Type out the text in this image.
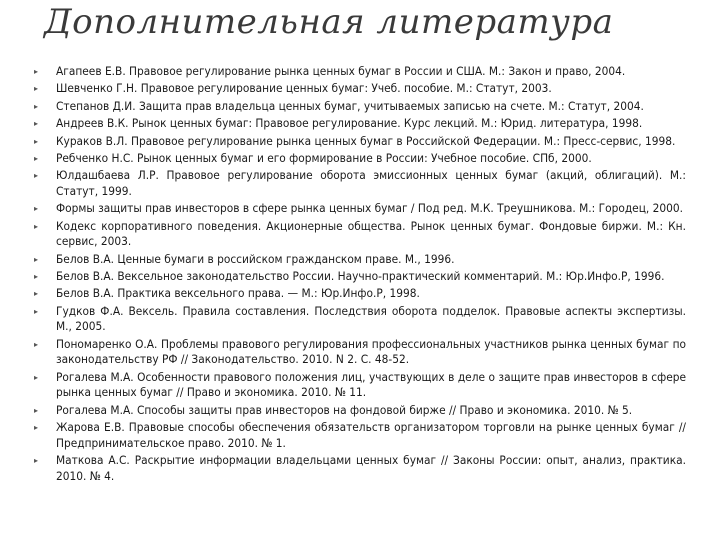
Дополнительная литература
▸ Агапеев Е.В. Правовое регулирование рынка ценных бумаг в России и США. М.: Закон и право, 2004.
▸ Шевченко Г.Н. Правовое регулирование ценных бумаг: Учеб. пособие. М.: Статут, 2003.
▸ Степанов Д.И. Защита прав владельца ценных бумаг, учитываемых записью на счете. М.: Статут, 2004.
▸ Андреев В.К. Рынок ценных бумаг: Правовое регулирование. Курс лекций. М.: Юрид. литература, 1998.
▸ Кураков В.Л. Правовое регулирование рынка ценных бумаг в Российской Федерации. М.: Пресс-сервис, 1998.
▸ Ребченко Н.С. Рынок ценных бумаг и его формирование в России: Учебное пособие. СПб, 2000.
▸ Юлдашбаева Л.Р. Правовое регулирование оборота эмиссионных ценных бумаг (акций, облигаций). М.: Статут, 1999.
▸ Формы защиты прав инвесторов в сфере рынка ценных бумаг / Под ред. М.К. Треушникова. М.: Городец, 2000.
▸ Кодекс корпоративного поведения. Акционерные общества. Рынок ценных бумаг. Фондовые биржи. М.: Кн. сервис, 2003.
▸ Белов В.А. Ценные бумаги в российском гражданском праве. М., 1996.
▸ Белов В.А. Вексельное законодательство России. Научно-практический комментарий. М.: Юр.Инфо.Р, 1996.
▸ Белов В.А. Практика вексельного права. — М.: Юр.Инфо.Р, 1998.
▸ Гудков Ф.А. Вексель. Правила составления. Последствия оборота подделок. Правовые аспекты экспертизы. М., 2005.
▸ Пономаренко О.А. Проблемы правового регулирования профессиональных участников рынка ценных бумаг по законодательству РФ // Законодательство. 2010. N 2. С. 48-52.
▸ Рогалева М.А. Особенности правового положения лиц, участвующих в деле о защите прав инвесторов в сфере рынка ценных бумаг // Право и экономика. 2010. № 11.
▸ Рогалева М.А. Способы защиты прав инвесторов на фондовой бирже // Право и экономика. 2010. № 5.
▸ Жарова Е.В. Правовые способы обеспечения обязательств организатором торговли на рынке ценных бумаг // Предпринимательское право. 2010. № 1.
▸ Маткова А.С. Раскрытие информации владельцами ценных бумаг // Законы России: опыт, анализ, практика. 2010. № 4.
